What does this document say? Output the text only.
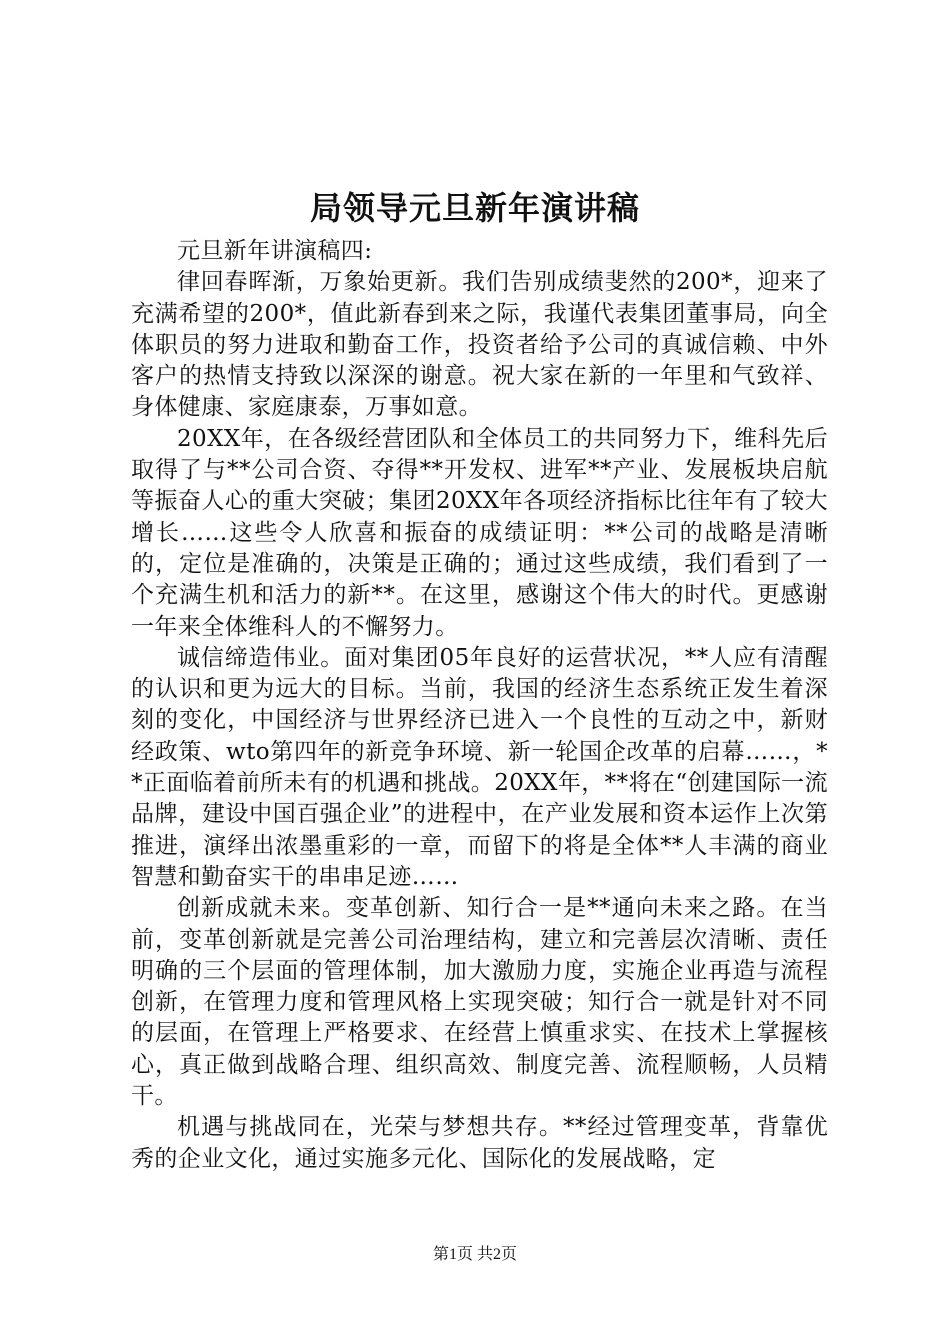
局领导元旦新年演讲稿

元旦新年讲演稿四:

律回春晖渐，万象始更新。我们告别成绩斐然的200*，迎来了充满希望的200*，值此新春到来之际，我谨代表集团董事局，向全体职员的努力进取和勤奋工作，投资者给予公司的真诚信赖、中外客户的热情支持致以深深的谢意。祝大家在新的一年里和气致祥、身体健康、家庭康泰，万事如意。

20XX年，在各级经营团队和全体员工的共同努力下，维科先后取得了与**公司合资、夺得**开发权、进军**产业、发展板块启航等振奋人心的重大突破；集团20XX年各项经济指标比往年有了较大增长……这些令人欣喜和振奋的成绩证明：**公司的战略是清晰的，定位是准确的，决策是正确的；通过这些成绩，我们看到了一个充满生机和活力的新**。在这里，感谢这个伟大的时代。更感谢一年来全体维科人的不懈努力。

诚信缔造伟业。面对集团05年良好的运营状况，**人应有清醒的认识和更为远大的目标。当前，我国的经济生态系统正发生着深刻的变化，中国经济与世界经济已进入一个良性的互动之中，新财经政策、wto第四年的新竞争环境、新一轮国企改革的启幕……，**正面临着前所未有的机遇和挑战。20XX年，**将在“创建国际一流品牌，建设中国百强企业”的进程中，在产业发展和资本运作上次第推进，演绎出浓墨重彩的一章，而留下的将是全体**人丰满的商业智慧和勤奋实干的串串足迹……

创新成就未来。变革创新、知行合一是**通向未来之路。在当前，变革创新就是完善公司治理结构，建立和完善层次清晰、责任明确的三个层面的管理体制，加大激励力度，实施企业再造与流程创新，在管理力度和管理风格上实现突破；知行合一就是针对不同的层面，在管理上严格要求、在经营上慎重求实、在技术上掌握核心，真正做到战略合理、组织高效、制度完善、流程顺畅，人员精干。

机遇与挑战同在，光荣与梦想共存。**经过管理变革，背靠优秀的企业文化，通过实施多元化、国际化的发展战略，定

第1页 共2页
